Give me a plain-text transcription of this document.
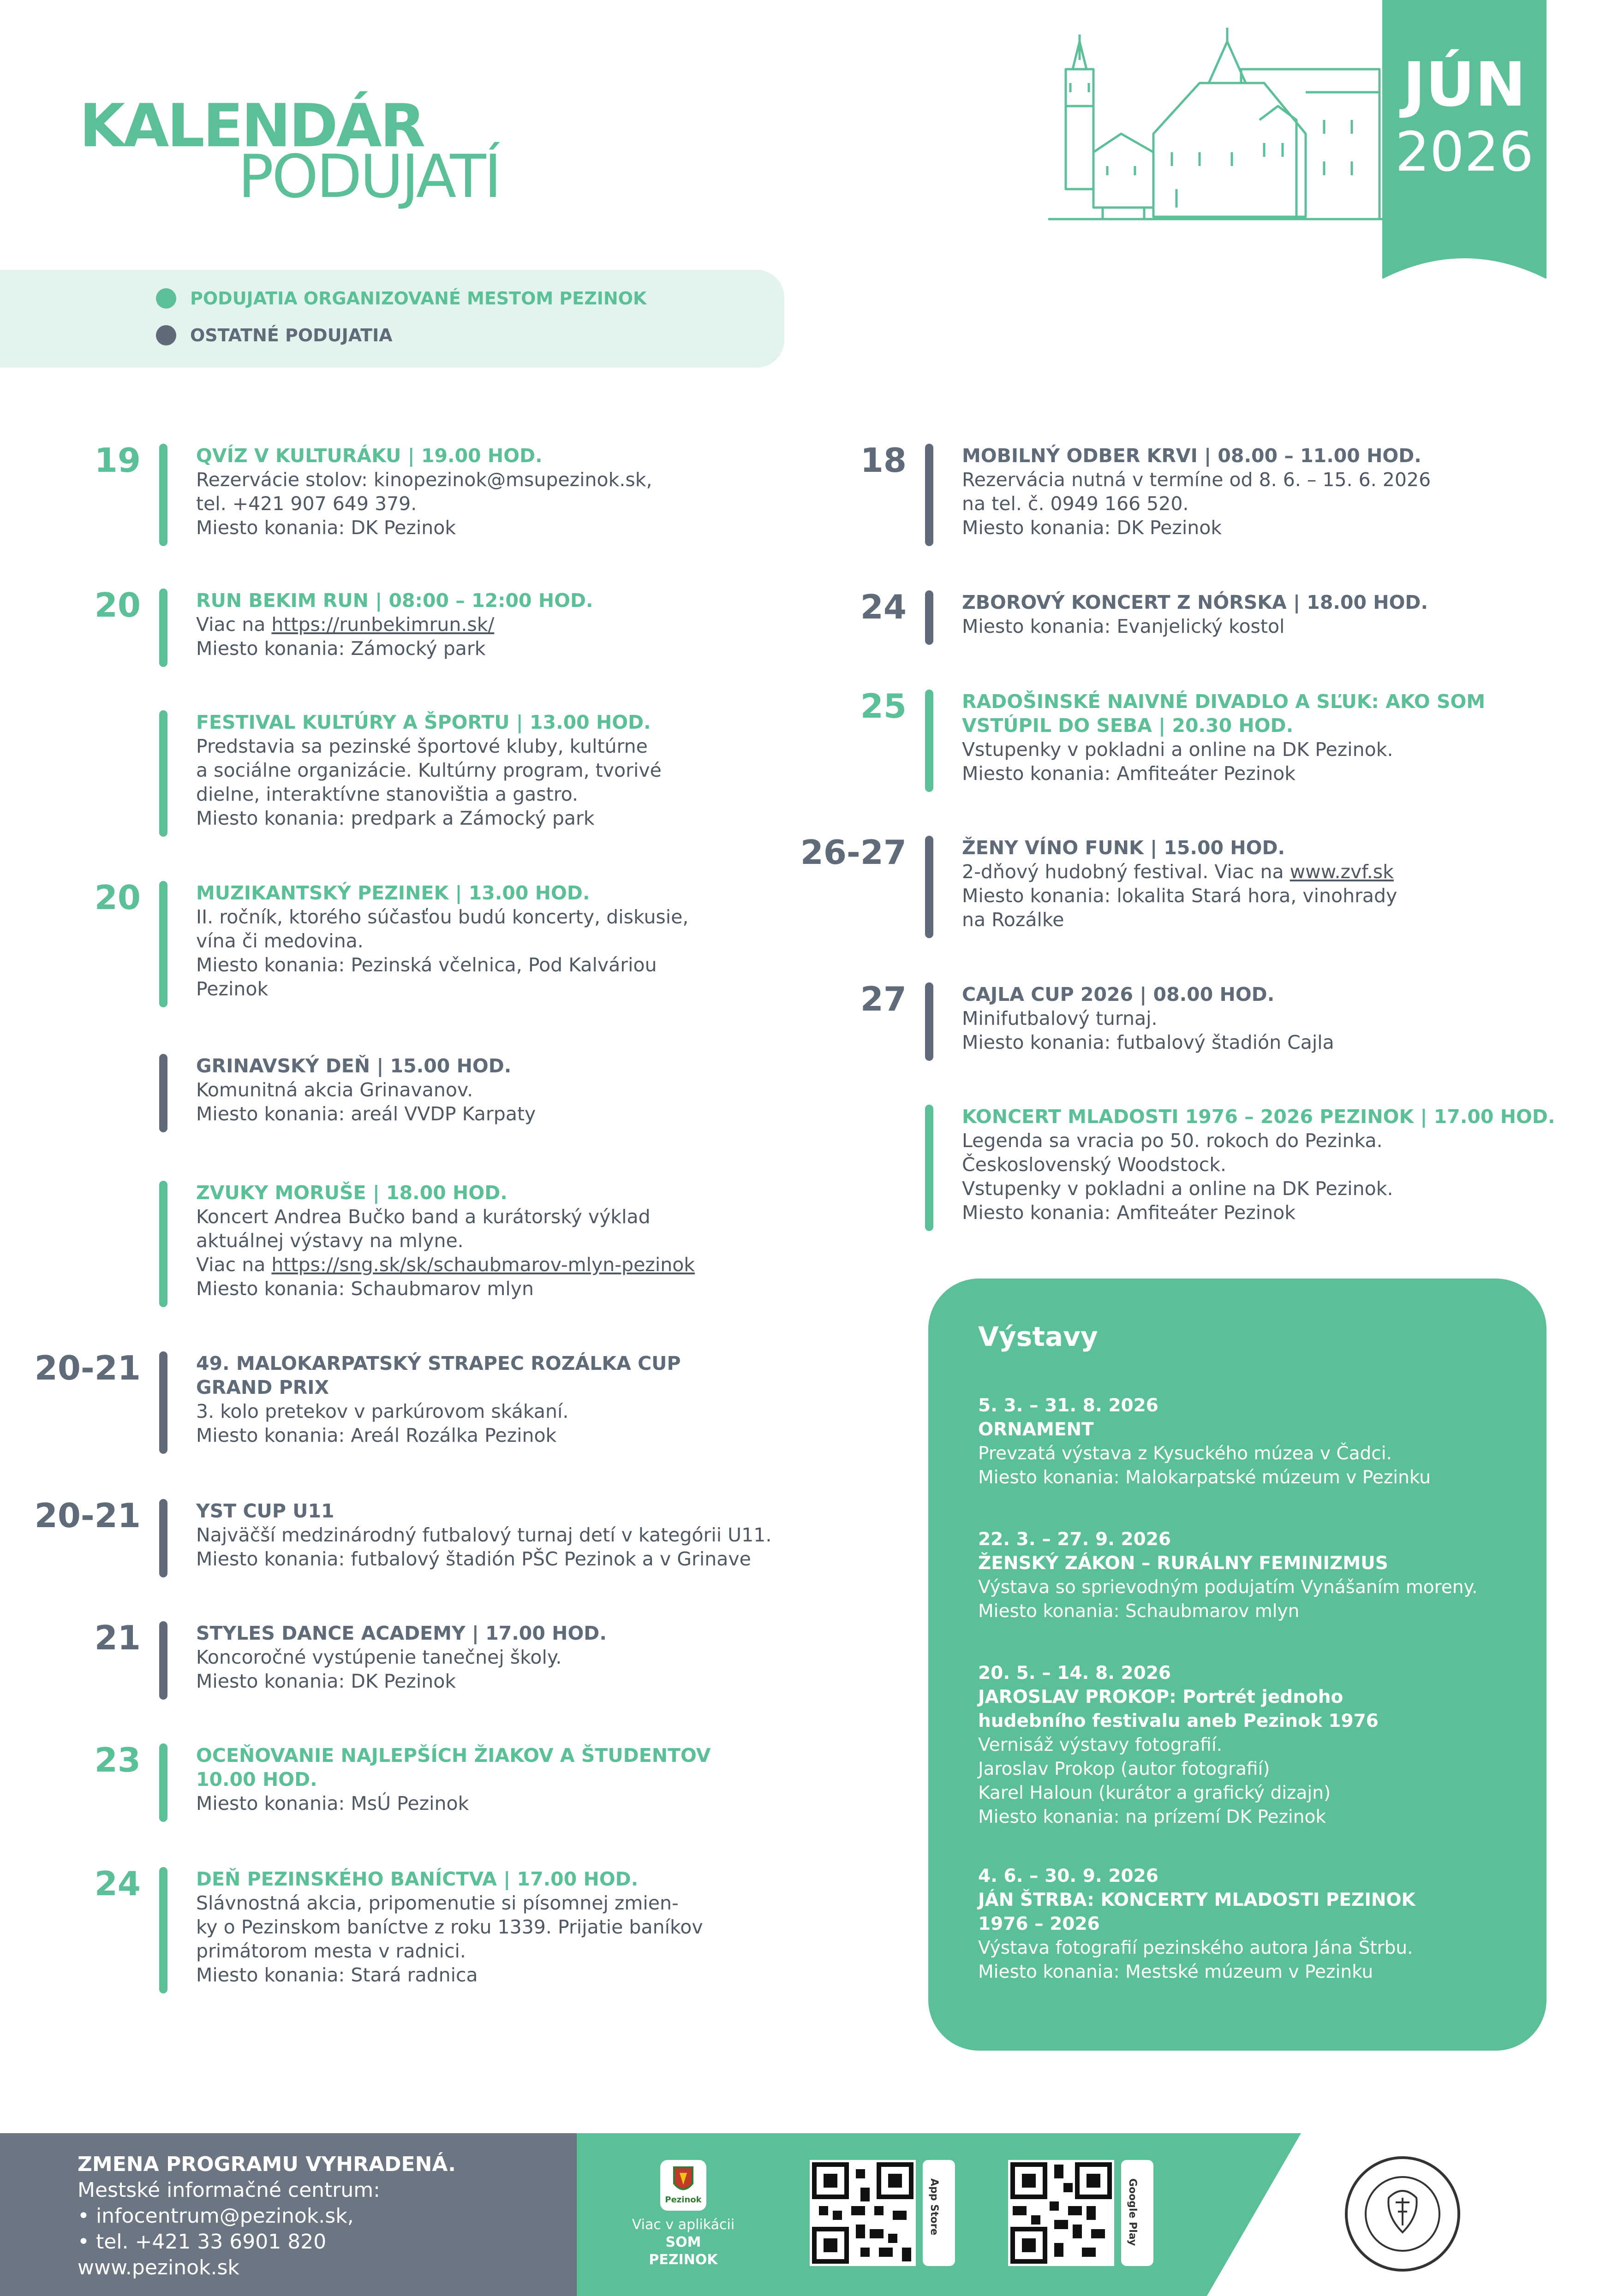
KALENDÁR
PODUJATÍ
JÚN
2026
PODUJATIA ORGANIZOVANÉ MESTOM PEZINOK
OSTATNÉ PODUJATIA
19	QVÍZ V KULTURÁKU | 19.00 HOD.
Rezervácie stolov: kinopezinok@msupezinok.sk,
tel. +421 907 649 379.
Miesto konania: DK Pezinok
20	RUN BEKIM RUN | 08:00 – 12:00 HOD.
Viac na https://runbekimrun.sk/
Miesto konania: Zámocký park
FESTIVAL KULTÚRY A ŠPORTU | 13.00 HOD.
Predstavia sa pezinské športové kluby, kultúrne
a sociálne organizácie. Kultúrny program, tvorivé
dielne, interaktívne stanovištia a gastro.
Miesto konania: predpark a Zámocký park
20	MUZIKANTSKÝ PEZINEK | 13.00 HOD.
II. ročník, ktorého súčasťou budú koncerty, diskusie,
vína či medovina.
Miesto konania: Pezinská včelnica, Pod Kalváriou
Pezinok
GRINAVSKÝ DEŇ | 15.00 HOD.
Komunitná akcia Grinavanov.
Miesto konania: areál VVDP Karpaty
ZVUKY MORUŠE | 18.00 HOD.
Koncert Andrea Bučko band a kurátorský výklad
aktuálnej výstavy na mlyne.
Viac na https://sng.sk/sk/schaubmarov-mlyn-pezinok
Miesto konania: Schaubmarov mlyn
20-21	49. MALOKARPATSKÝ STRAPEC ROZÁLKA CUP
GRAND PRIX
3. kolo pretekov v parkúrovom skákaní.
Miesto konania: Areál Rozálka Pezinok
20-21	YST CUP U11
Najväčší medzinárodný futbalový turnaj detí v kategórii U11.
Miesto konania: futbalový štadión PŠC Pezinok a v Grinave
21	STYLES DANCE ACADEMY | 17.00 HOD.
Koncoročné vystúpenie tanečnej školy.
Miesto konania: DK Pezinok
23	OCEŇOVANIE NAJLEPŠÍCH ŽIAKOV A ŠTUDENTOV
10.00 HOD.
Miesto konania: MsÚ Pezinok
24	DEŇ PEZINSKÉHO BANÍCTVA | 17.00 HOD.
Slávnostná akcia, pripomenutie si písomnej zmien-
ky o Pezinskom baníctve z roku 1339. Prijatie baníkov
primátorom mesta v radnici.
Miesto konania: Stará radnica
18	MOBILNÝ ODBER KRVI | 08.00 – 11.00 HOD.
Rezervácia nutná v termíne od 8. 6. – 15. 6. 2026
na tel. č. 0949 166 520.
Miesto konania: DK Pezinok
24	ZBOROVÝ KONCERT Z NÓRSKA | 18.00 HOD.
Miesto konania: Evanjelický kostol
25	RADOŠINSKÉ NAIVNÉ DIVADLO A SĽUK: AKO SOM
VSTÚPIL DO SEBA | 20.30 HOD.
Vstupenky v pokladni a online na DK Pezinok.
Miesto konania: Amfiteáter Pezinok
26-27	ŽENY VÍNO FUNK | 15.00 HOD.
2-dňový hudobný festival. Viac na www.zvf.sk
Miesto konania: lokalita Stará hora, vinohrady
na Rozálke
27	CAJLA CUP 2026 | 08.00 HOD.
Minifutbalový turnaj.
Miesto konania: futbalový štadión Cajla
KONCERT MLADOSTI 1976 – 2026 PEZINOK | 17.00 HOD.
Legenda sa vracia po 50. rokoch do Pezinka.
Československý Woodstock.
Vstupenky v pokladni a online na DK Pezinok.
Miesto konania: Amfiteáter Pezinok
Výstavy
5. 3. – 31. 8. 2026
ORNAMENT
Prevzatá výstava z Kysuckého múzea v Čadci.
Miesto konania: Malokarpatské múzeum v Pezinku
22. 3. – 27. 9. 2026
ŽENSKÝ ZÁKON – RURÁLNY FEMINIZMUS
Výstava so sprievodným podujatím Vynášaním moreny.
Miesto konania: Schaubmarov mlyn
20. 5. – 14. 8. 2026
JAROSLAV PROKOP: Portrét jednoho
hudebního festivalu aneb Pezinok 1976
Vernisáž výstavy fotografií.
Jaroslav Prokop (autor fotografií)
Karel Haloun (kurátor a grafický dizajn)
Miesto konania: na prízemí DK Pezinok
4. 6. – 30. 9. 2026
JÁN ŠTRBA: KONCERTY MLADOSTI PEZINOK
1976 – 2026
Výstava fotografií pezinského autora Jána Štrbu.
Miesto konania: Mestské múzeum v Pezinku
ZMENA PROGRAMU VYHRADENÁ.
Mestské informačné centrum:
• infocentrum@pezinok.sk,
• tel. +421 33 6901 820
www.pezinok.sk
Pezinok
Viac v aplikácii
SOM PEZINOK
App Store	Google Play
